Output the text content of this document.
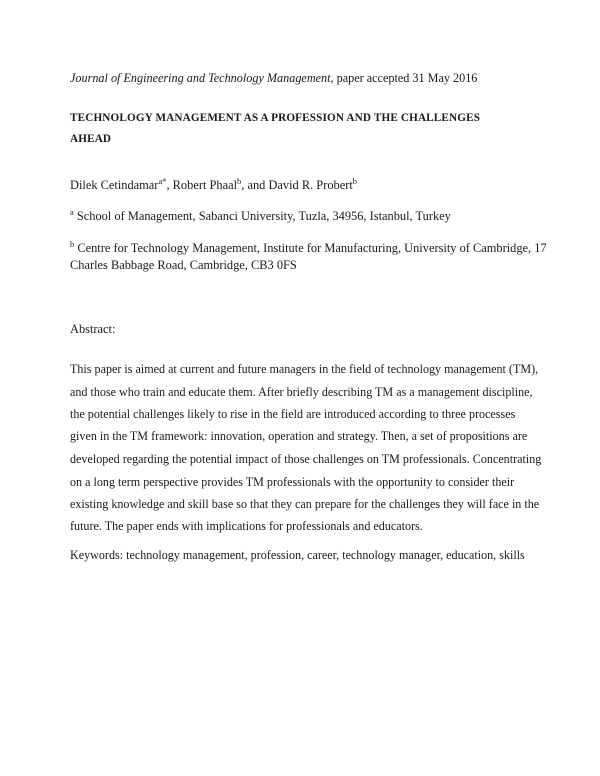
Journal of Engineering and Technology Management, paper accepted 31 May 2016
TECHNOLOGY MANAGEMENT AS A PROFESSION AND THE CHALLENGES
AHEAD
Dilek Cetindamar$^{a*}$, Robert Phaal$^b$, and David R. Probert$^b$
$^a$ School of Management, Sabanci University, Tuzla, 34956, Istanbul, Turkey
$^b$ Centre for Technology Management, Institute for Manufacturing, University of Cambridge, 17
Charles Babbage Road, Cambridge, CB3 0FS
Abstract:
This paper is aimed at current and future managers in the field of technology management (TM),
and those who train and educate them. After briefly describing TM as a management discipline,
the potential challenges likely to rise in the field are introduced according to three processes
given in the TM framework: innovation, operation and strategy. Then, a set of propositions are
developed regarding the potential impact of those challenges on TM professionals. Concentrating
on a long term perspective provides TM professionals with the opportunity to consider their
existing knowledge and skill base so that they can prepare for the challenges they will face in the
future. The paper ends with implications for professionals and educators.
Keywords: technology management, profession, career, technology manager, education, skills
